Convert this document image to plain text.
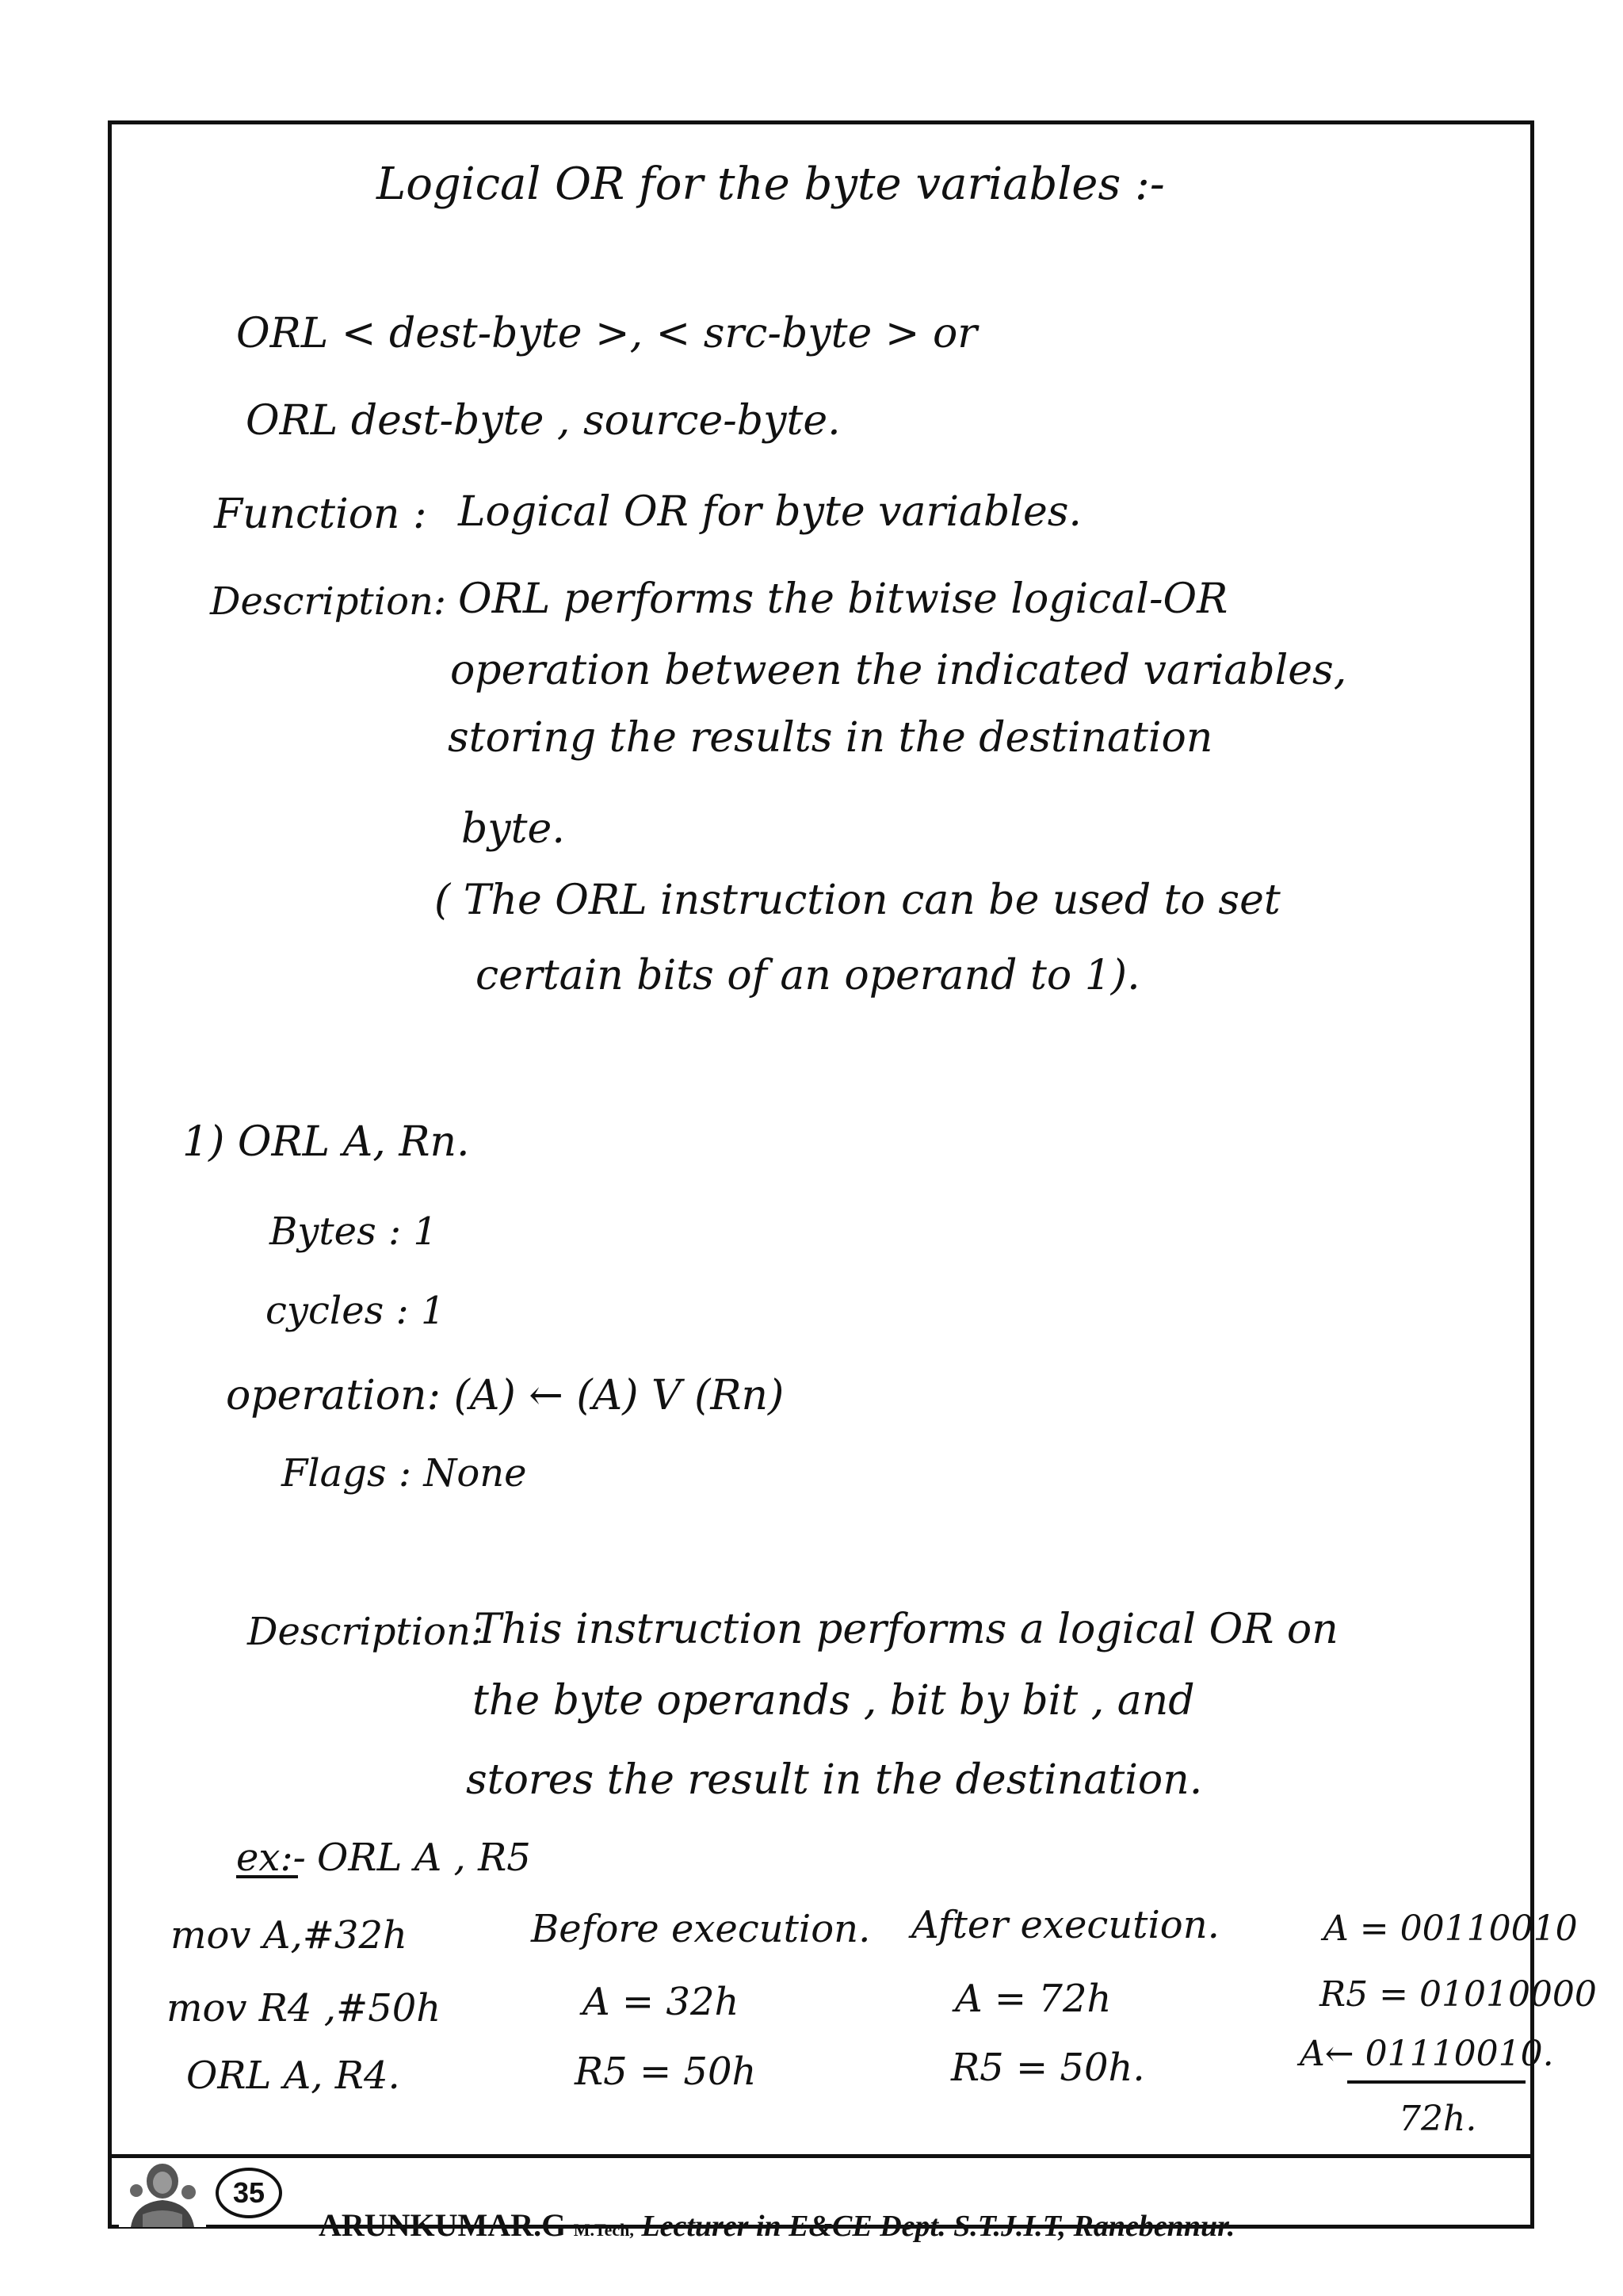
Logical OR for the byte variables :-
ORL < dest-byte >, < src-byte > or
ORL dest-byte , source-byte.
Function : Logical OR for byte variables.
Description: ORL performs the bitwise logical-OR
operation between the indicated variables,
storing the results in the destination
byte.
( The ORL instruction can be used to set
certain bits of an operand to 1).
1) ORL A, Rn.
Bytes : 1
cycles : 1
operation: (A) ← (A) V (Rn)
Flags : None
Description:
This instruction performs a logical OR on
the byte operands , bit by bit , and
stores the result in the destination.
ex:- ORL A , R5
mov A,#32h
mov R4 ,#50h
ORL A, R4.
Before execution.
A = 32h
R5 = 50h
After execution.
A = 72h
R5 = 50h.
A = 00110010
R5 = 01010000
A← 01110010.
72h.
35
ARUNKUMAR.G M.Tech, Lecturer in E&CE Dept. S.T.J.I.T, Ranebennur.
